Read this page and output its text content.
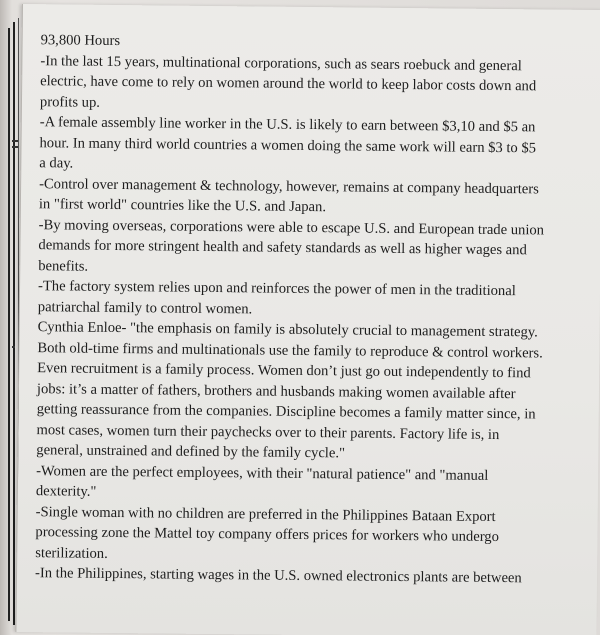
93,800 Hours
-In the last 15 years, multinational corporations, such as sears roebuck and general
electric, have come to rely on women around the world to keep labor costs down and
profits up.
-A female assembly line worker in the U.S. is likely to earn between $3,10 and $5 an
hour. In many third world countries a women doing the same work will earn $3 to $5
a day.
-Control over management & technology, however, remains at company headquarters
in "first world" countries like the U.S. and Japan.
-By moving overseas, corporations were able to escape U.S. and European trade union
demands for more stringent health and safety standards as well as higher wages and
benefits.
-The factory system relies upon and reinforces the power of men in the traditional
patriarchal family to control women.
Cynthia Enloe- "the emphasis on family is absolutely crucial to management strategy.
Both old-time firms and multinationals use the family to reproduce & control workers.
Even recruitment is a family process. Women don’t just go out independently to find
jobs: it’s a matter of fathers, brothers and husbands making women available after
getting reassurance from the companies. Discipline becomes a family matter since, in
most cases, women turn their paychecks over to their parents. Factory life is, in
general, unstrained and defined by the family cycle."
-Women are the perfect employees, with their "natural patience" and "manual
dexterity."
-Single woman with no children are preferred in the Philippines Bataan Export
processing zone the Mattel toy company offers prices for workers who undergo
sterilization.
-In the Philippines, starting wages in the U.S. owned electronics plants are between
